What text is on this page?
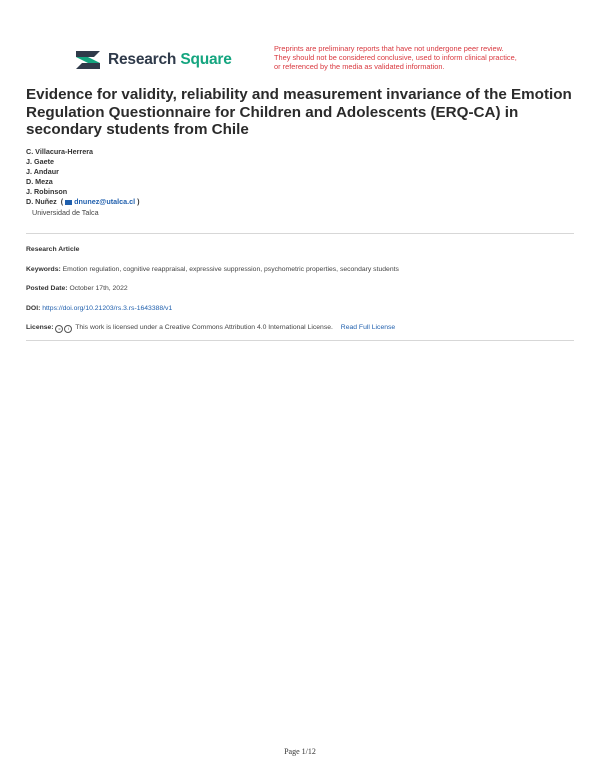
Research Square
Preprints are preliminary reports that have not undergone peer review.
They should not be considered conclusive, used to inform clinical practice,
or referenced by the media as validated information.
Evidence for validity, reliability and measurement invariance of the Emotion Regulation Questionnaire for Children and Adolescents (ERQ-CA) in secondary students from Chile
C. Villacura-Herrera
J. Gaete
J. Andaur
D. Meza
J. Robinson
D. Nuñez ( dnunez@utalca.cl )
Universidad de Talca
Research Article
Keywords: Emotion regulation, cognitive reappraisal, expressive suppression, psychometric properties, secondary students
Posted Date: October 17th, 2022
DOI: https://doi.org/10.21203/rs.3.rs-1643388/v1
License: c i This work is licensed under a Creative Commons Attribution 4.0 International License. Read Full License
Page 1/12
